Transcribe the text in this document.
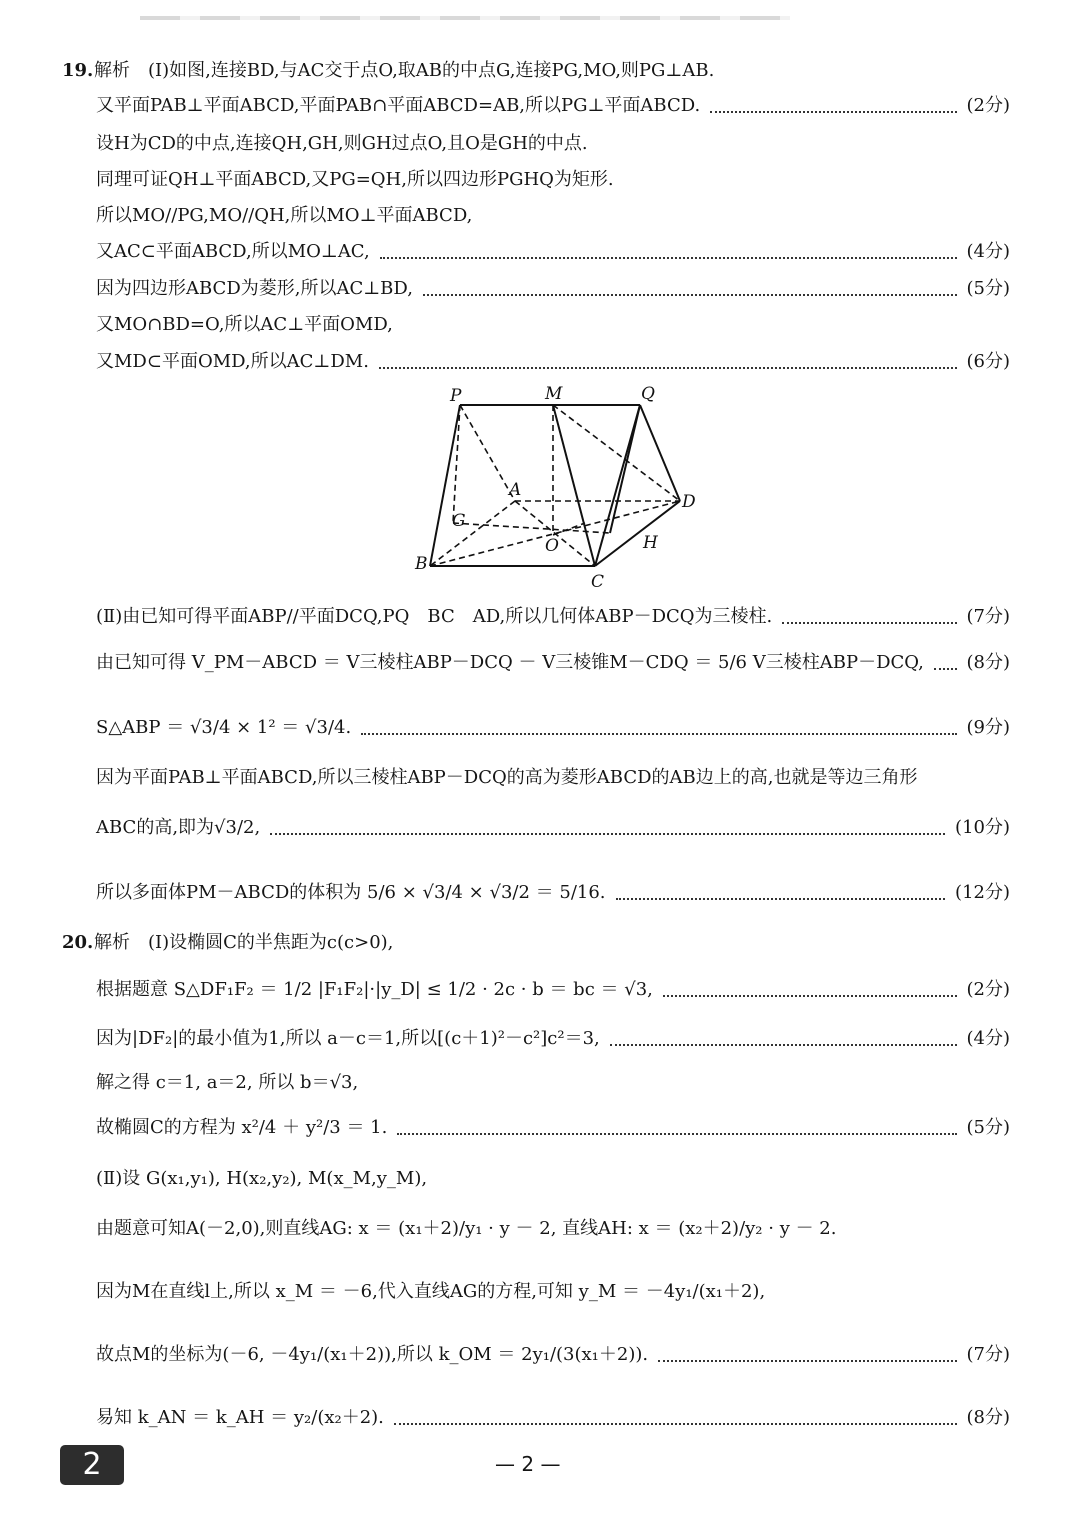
19. 解析　(Ⅰ)如图,连接BD,与AC交于点O,取AB的中点G,连接PG,MO,则PG⊥AB.
又平面PAB⊥平面ABCD,平面PAB∩平面ABCD=AB,所以PG⊥平面ABCD.	(2分)
设H为CD的中点,连接QH,GH,则GH过点O,且O是GH的中点.
同理可证QH⊥平面ABCD,又PG=QH,所以四边形PGHQ为矩形.
所以MO//PG,MO//QH,所以MO⊥平面ABCD,
又AC⊂平面ABCD,所以MO⊥AC,	(4分)
因为四边形ABCD为菱形,所以AC⊥BD,	(5分)
又MO∩BD=O,所以AC⊥平面OMD,
又MD⊂平面OMD,所以AC⊥DM.	(6分)
P	M	Q
A
D
G
O	H
B
C
(Ⅱ)由已知可得平面ABP//平面DCQ,PQ　BC　AD,所以几何体ABP－DCQ为三棱柱.	(7分)
由已知可得 V_PM－ABCD ＝ V三棱柱ABP－DCQ － V三棱锥M－CDQ ＝ 5/6 V三棱柱ABP－DCQ, (8分)
S△ABP ＝ √3/4 × 1² ＝ √3/4.	(9分)
因为平面PAB⊥平面ABCD,所以三棱柱ABP－DCQ的高为菱形ABCD的AB边上的高,也就是等边三角形
ABC的高,即为√3/2,	(10分)
所以多面体PM－ABCD的体积为 5/6 × √3/4 × √3/2 ＝ 5/16.	(12分)
20. 解析　(Ⅰ)设椭圆C的半焦距为c(c>0),
根据题意 S△DF₁F₂ ＝ 1/2 |F₁F₂|·|y_D| ≤ 1/2 · 2c · b ＝ bc ＝ √3,	(2分)
因为|DF₂|的最小值为1,所以 a－c＝1,所以[(c＋1)²－c²]c²＝3,	(4分)
解之得 c＝1, a＝2, 所以 b＝√3,
故椭圆C的方程为 x²/4 ＋ y²/3 ＝ 1.	(5分)
(Ⅱ)设 G(x₁,y₁), H(x₂,y₂), M(x_M,y_M),
由题意可知A(－2,0),则直线AG: x ＝ (x₁＋2)/y₁ · y － 2, 直线AH: x ＝ (x₂＋2)/y₂ · y － 2.
因为M在直线l上,所以 x_M ＝ －6,代入直线AG的方程,可知 y_M ＝ －4y₁/(x₁＋2),
故点M的坐标为(－6, －4y₁/(x₁＋2)),所以 k_OM ＝ 2y₁/(3(x₁＋2)).	(7分)
易知 k_AN ＝ k_AH ＝ y₂/(x₂＋2).	(8分)
2	— 2 —
